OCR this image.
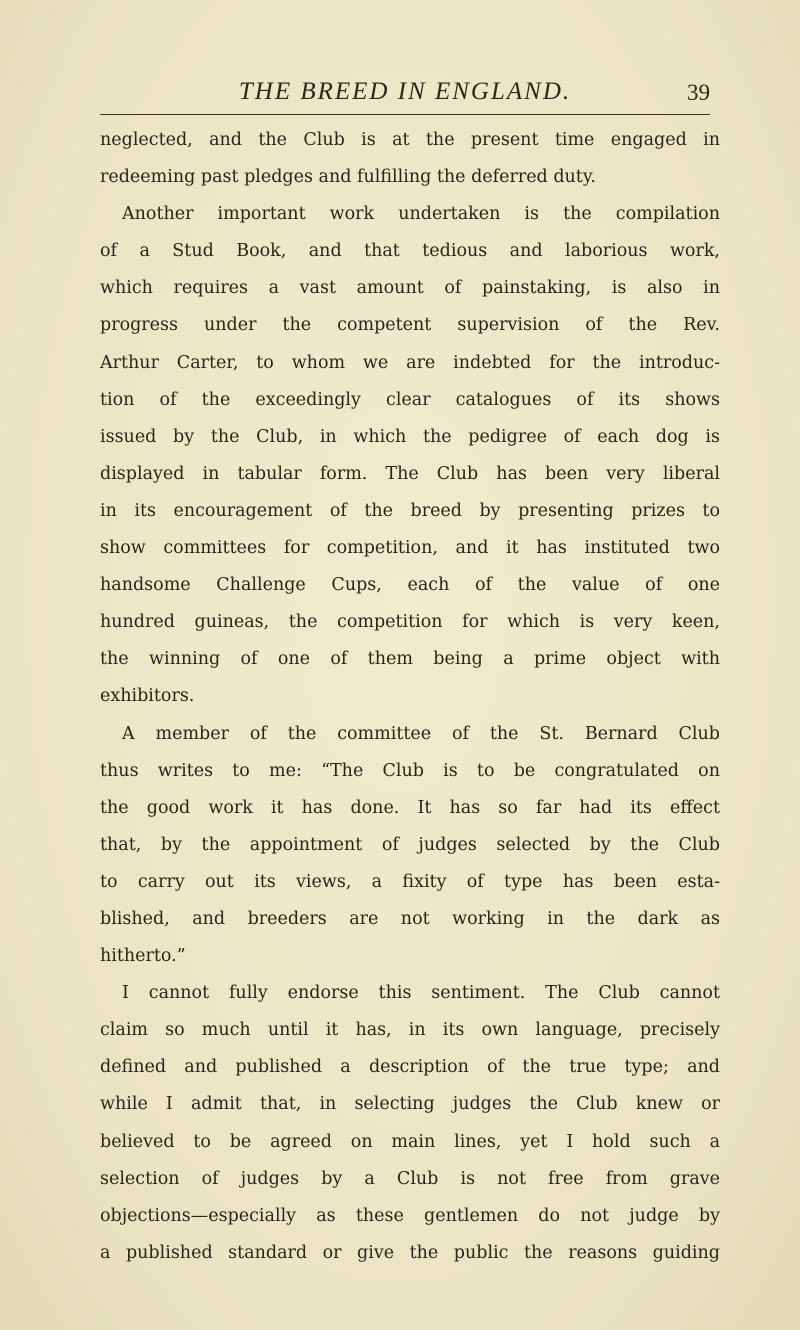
THE BREED IN ENGLAND.	39
neglected, and the Club is at the present time engaged in
redeeming past pledges and fulfilling the deferred duty.
Another important work undertaken is the compilation
of a Stud Book, and that tedious and laborious work,
which requires a vast amount of painstaking, is also in
progress under the competent supervision of the Rev.
Arthur Carter, to whom we are indebted for the introduc-
tion of the exceedingly clear catalogues of its shows
issued by the Club, in which the pedigree of each dog is
displayed in tabular form. The Club has been very liberal
in its encouragement of the breed by presenting prizes to
show committees for competition, and it has instituted two
handsome Challenge Cups, each of the value of one
hundred guineas, the competition for which is very keen,
the winning of one of them being a prime object with
exhibitors.
A member of the committee of the St. Bernard Club
thus writes to me: “The Club is to be congratulated on
the good work it has done. It has so far had its effect
that, by the appointment of judges selected by the Club
to carry out its views, a fixity of type has been esta-
blished, and breeders are not working in the dark as
hitherto.”
I cannot fully endorse this sentiment. The Club cannot
claim so much until it has, in its own language, precisely
defined and published a description of the true type; and
while I admit that, in selecting judges the Club knew or
believed to be agreed on main lines, yet I hold such a
selection of judges by a Club is not free from grave
objections—especially as these gentlemen do not judge by
a published standard or give the public the reasons guiding
